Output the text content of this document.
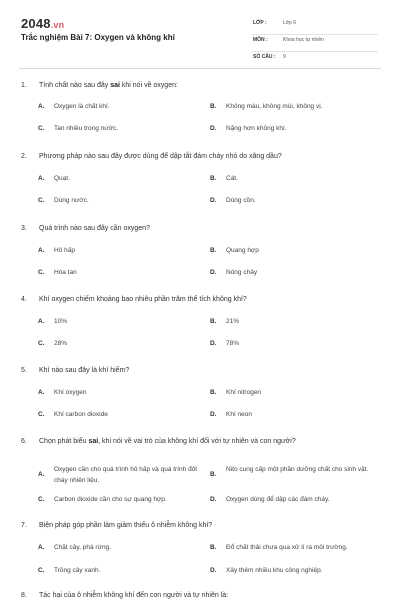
2048.vn
Trắc nghiệm Bài 7: Oxygen và không khí
LỚP :	Lớp 6
MÔN :	Khoa học tự nhiên
SỐ CÂU : 9
1. Tính chất nào sau đây sai khi nói về oxygen:
A. Oxygen là chất khí.	B. Không màu, không mùi, không vị.
C. Tan nhiều trong nước.	D. Nặng hơn không khí.
2. Phương pháp nào sau đây được dùng để dập tắt đám cháy nhỏ do xăng dầu?
A. Quạt.	B. Cát.
C. Dùng nước.	D. Dùng cồn.
3. Quá trình nào sau đây cần oxygen?
A. Hô hấp	B. Quang hợp
C. Hòa tan	D. Nóng chảy
4. Khí oxygen chiếm khoảng bao nhiêu phần trăm thể tích không khí?
A. 10%	B. 21%
C. 28%	D. 78%
5. Khí nào sau đây là khí hiếm?
A. Khí oxygen	B. Khí nitrogen
C. Khí carbon dioxide	D. Khí neon
6. Chọn phát biểu sai, khi nói về vai trò của không khí đối với tự nhiên và con người?
A.
Oxygen cần cho quá trình hô hấp và quá trình đốt cháy nhiên liệu.
B.
Nito cung cấp một phần dưỡng chất cho sinh vật.
C. Carbon dioxide cần cho sự quang hợp.	D. Oxygen dùng để dập các đám cháy.
7. Biện pháp góp phần làm giảm thiểu ô nhiễm không khí?
A. Chặt cây, phá rừng.	B. Đổ chất thải chưa qua xử lí ra môi trường.
C. Trồng cây xanh.	D. Xây thêm nhiều khu công nghiệp.
8. Tác hại của ô nhiễm không khí đến con người và tự nhiên là:
